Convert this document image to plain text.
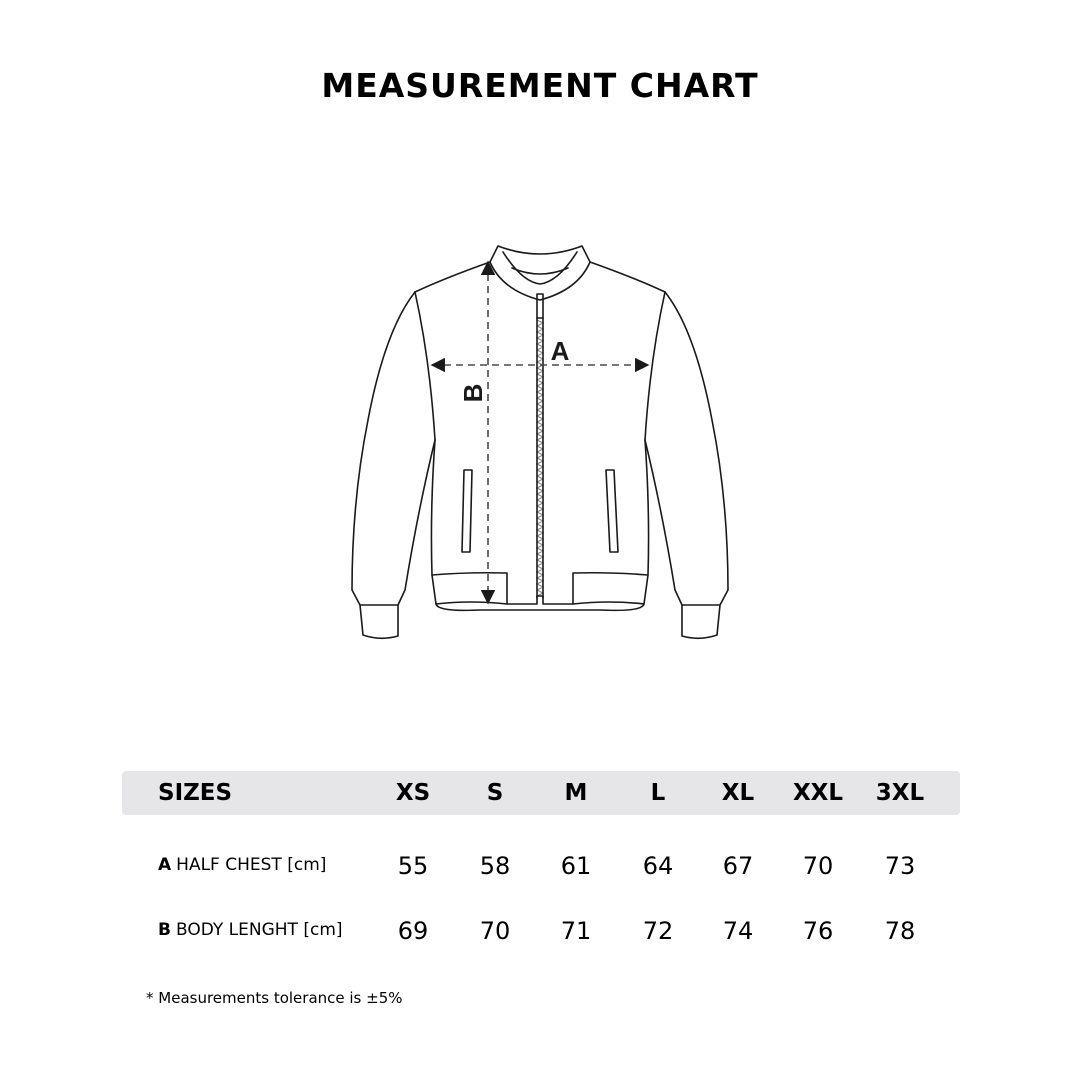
MEASUREMENT CHART
A
B
SIZES	XS S	M	L XL XXL 3XL
A HALF CHEST [cm]	55 58 61 64 67 70 73
B BODY LENGHT [cm] 69 70 71 72 74 76 78
* Measurements tolerance is ±5%
